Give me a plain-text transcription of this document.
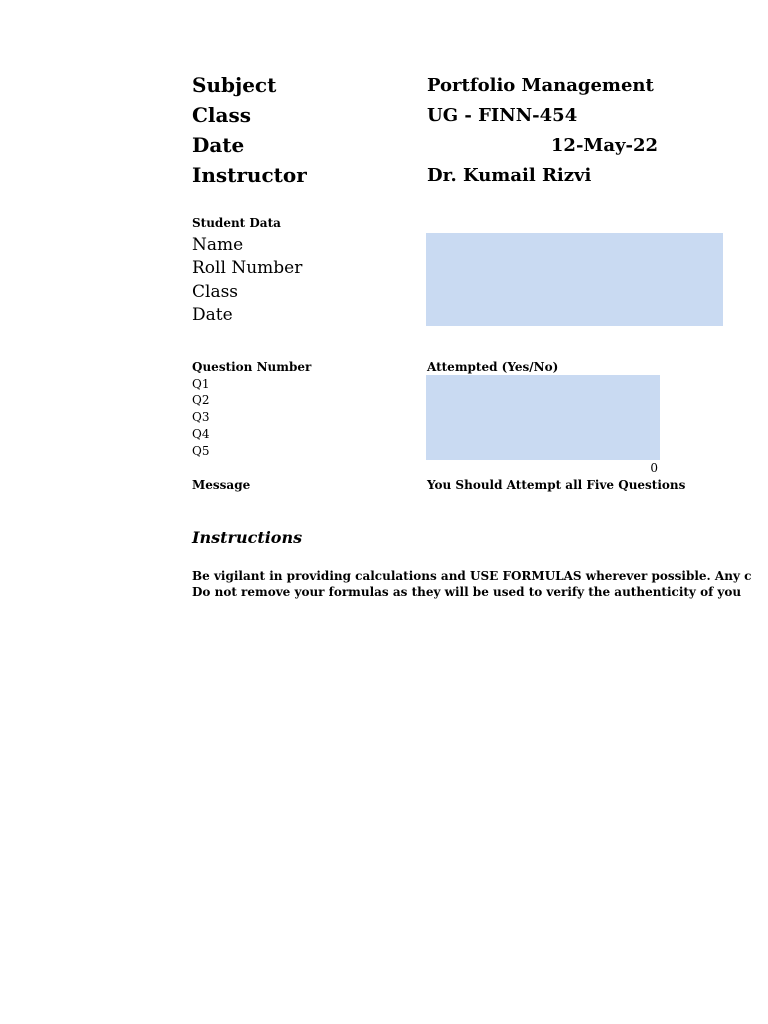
Subject	Portfolio Management
Class	UG - FINN-454
Date	12-May-22
Instructor	Dr. Kumail Rizvi
Student Data
Name
Roll Number
Class
Date
Question Number	Attempted (Yes/No)
Q1
Q2
Q3
Q4
Q5
0
Message	You Should Attempt all Five Questions
Instructions
Be vigilant in providing calculations and USE FORMULAS wherever possible. Any c
Do not remove your formulas as they will be used to verify the authenticity of you
